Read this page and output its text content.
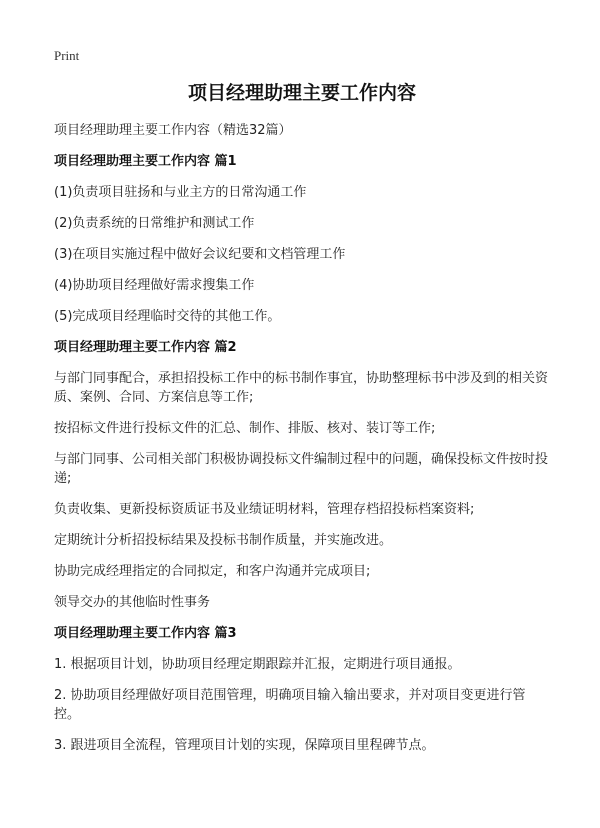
Print
项目经理助理主要工作内容
项目经理助理主要工作内容（精选32篇）
项目经理助理主要工作内容 篇1
(1)负责项目驻扬和与业主方的日常沟通工作
(2)负责系统的日常维护和测试工作
(3)在项目实施过程中做好会议纪要和文档管理工作
(4)协助项目经理做好需求搜集工作
(5)完成项目经理临时交待的其他工作。
项目经理助理主要工作内容 篇2
与部门同事配合，承担招投标工作中的标书制作事宜，协助整理标书中涉及到的相关资质、案例、合同、方案信息等工作;
按招标文件进行投标文件的汇总、制作、排版、核对、装订等工作;
与部门同事、公司相关部门积极协调投标文件编制过程中的问题，确保投标文件按时投递;
负责收集、更新投标资质证书及业绩证明材料，管理存档招投标档案资料;
定期统计分析招投标结果及投标书制作质量，并实施改进。
协助完成经理指定的合同拟定，和客户沟通并完成项目;
领导交办的其他临时性事务
项目经理助理主要工作内容 篇3
1. 根据项目计划，协助项目经理定期跟踪并汇报，定期进行项目通报。
2. 协助项目经理做好项目范围管理，明确项目输入输出要求，并对项目变更进行管控。
3. 跟进项目全流程，管理项目计划的实现，保障项目里程碑节点。
